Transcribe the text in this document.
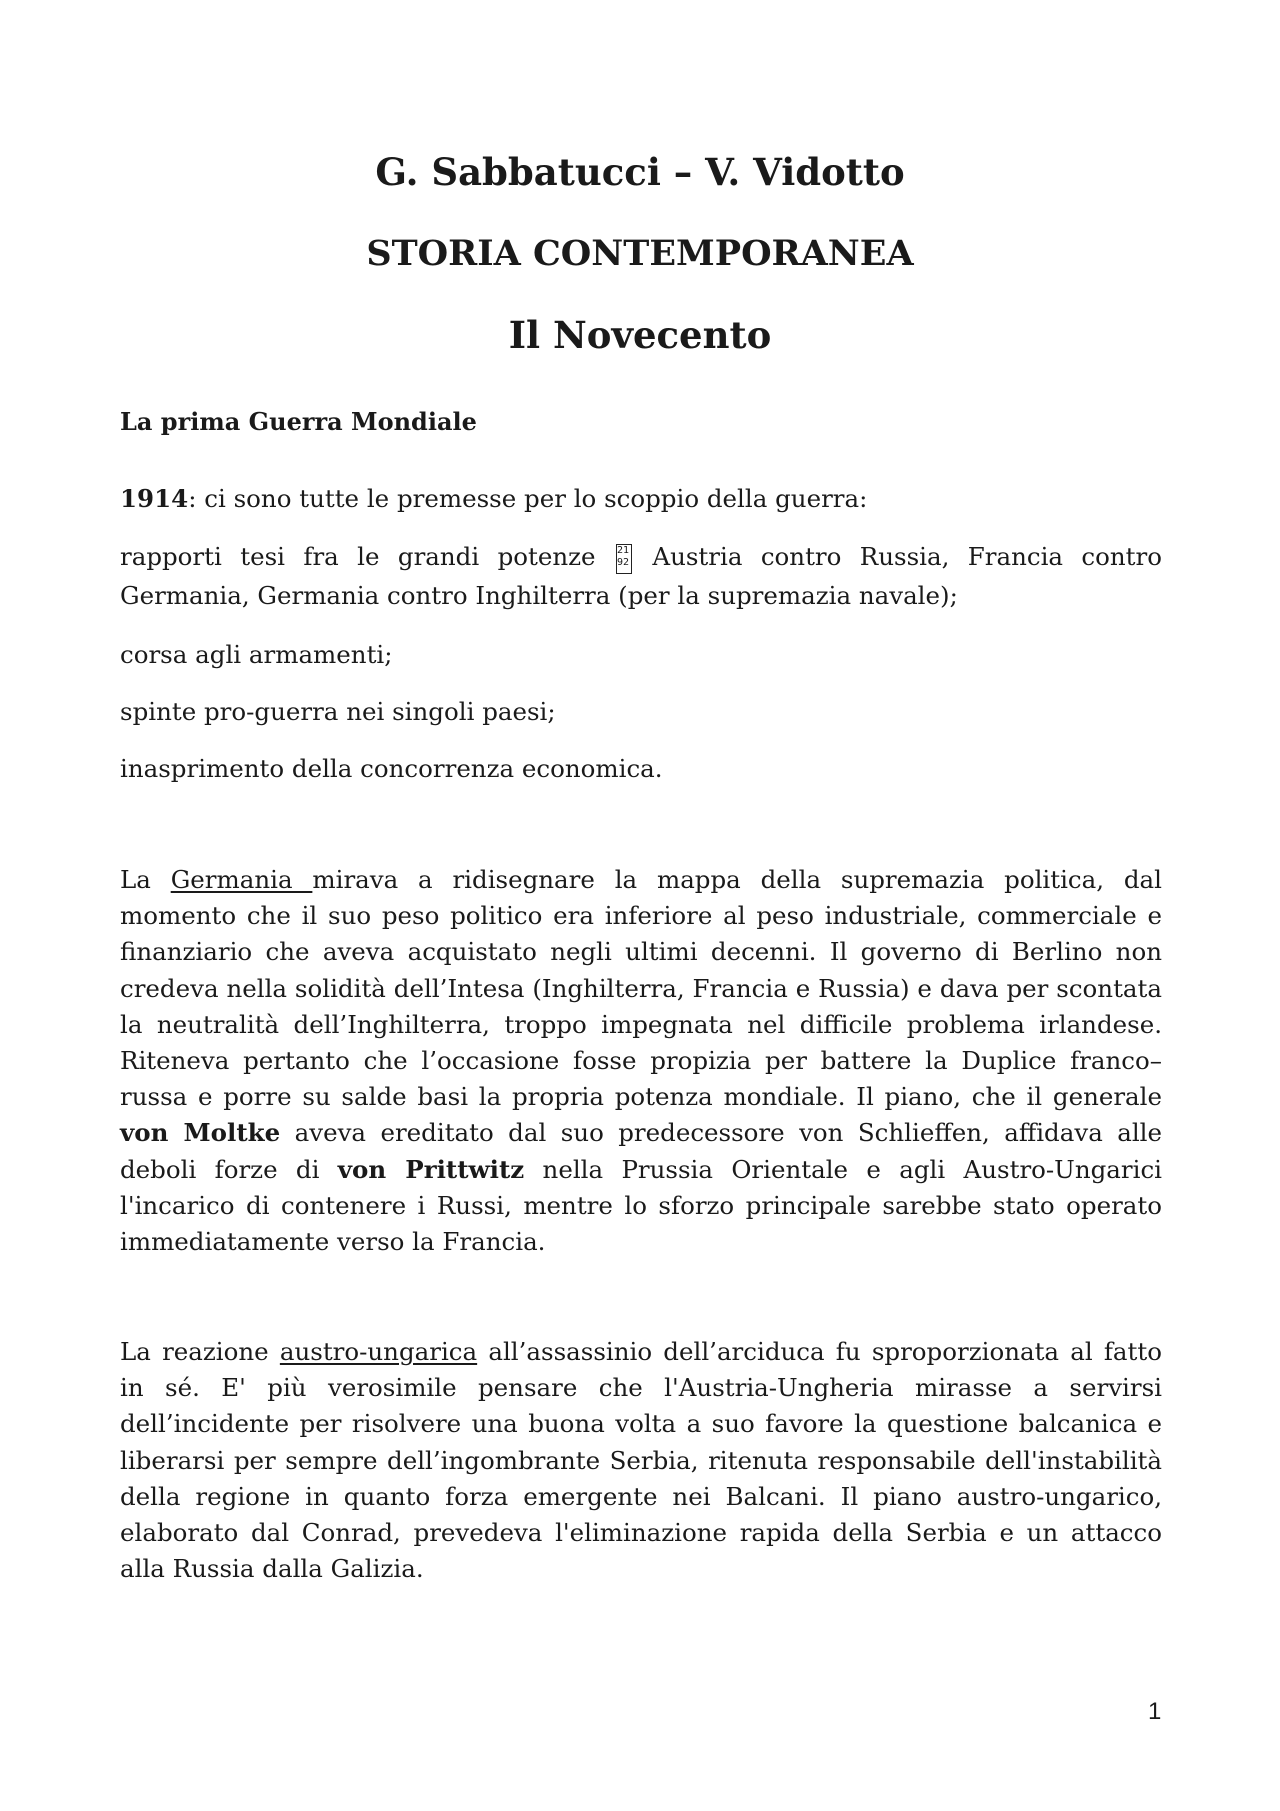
G. Sabbatucci – V. Vidotto
STORIA CONTEMPORANEA
Il Novecento

La prima Guerra Mondiale

1914: ci sono tutte le premesse per lo scoppio della guerra:

rapporti tesi fra le grandi potenze 21
92 Austria contro Russia, Francia contro

Germania, Germania contro Inghilterra (per la supremazia navale);

corsa agli armamenti;

spinte pro-guerra nei singoli paesi;

inasprimento della concorrenza economica.

La Germania mirava a ridisegnare la mappa della supremazia politica, dal momento che il suo peso politico era inferiore al peso industriale, commerciale e finanziario che aveva acquistato negli ultimi decenni. Il governo di Berlino non credeva nella solidità dell’Intesa (Inghilterra, Francia e Russia) e dava per scontata la neutralità dell’Inghilterra, troppo impegnata nel difficile problema irlandese. Riteneva pertanto che l’occasione fosse propizia per battere la Duplice franco–russa e porre su salde basi la propria potenza mondiale. Il piano, che il generale von Moltke aveva ereditato dal suo predecessore von Schlieffen, affidava alle deboli forze di von Prittwitz nella Prussia Orientale e agli Austro-Ungarici l'incarico di contenere i Russi, mentre lo sforzo principale sarebbe stato operato immediatamente verso la Francia.

La reazione austro-ungarica all’assassinio dell’arciduca fu sproporzionata al fatto in sé. E' più verosimile pensare che l'Austria-Ungheria mirasse a servirsi dell’incidente per risolvere una buona volta a suo favore la questione balcanica e liberarsi per sempre dell’ingombrante Serbia, ritenuta responsabile dell'instabilità della regione in quanto forza emergente nei Balcani. Il piano austro-ungarico, elaborato dal Conrad, prevedeva l'eliminazione rapida della Serbia e un attacco alla Russia dalla Galizia.

1
